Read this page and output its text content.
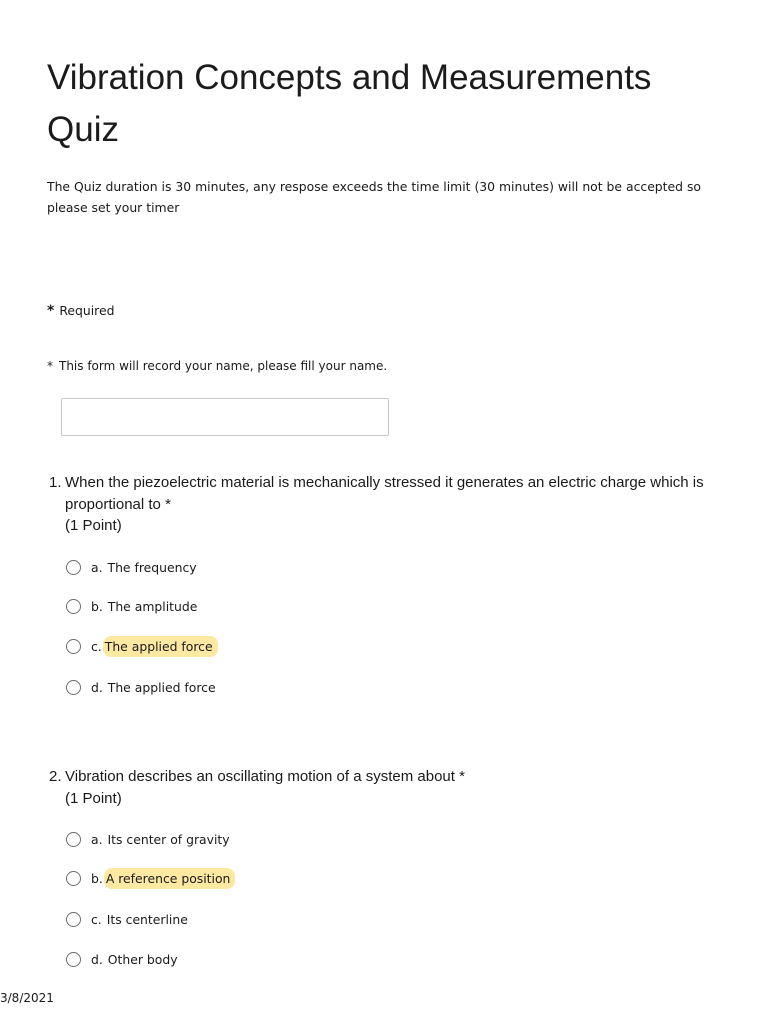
Vibration Concepts and Measurements Quiz
The Quiz duration is 30 minutes, any respose exceeds the time limit (30 minutes) will not be accepted so please set your timer
* Required
* This form will record your name, please fill your name.
1. When the piezoelectric material is mechanically stressed it generates an electric charge which is proportional to *
(1 Point)
a. The frequency
b. The amplitude
c. The applied force
d. The applied force
2. Vibration describes an oscillating motion of a system about *
(1 Point)
a. Its center of gravity
b. A reference position
c. Its centerline
d. Other body
3/8/2021
